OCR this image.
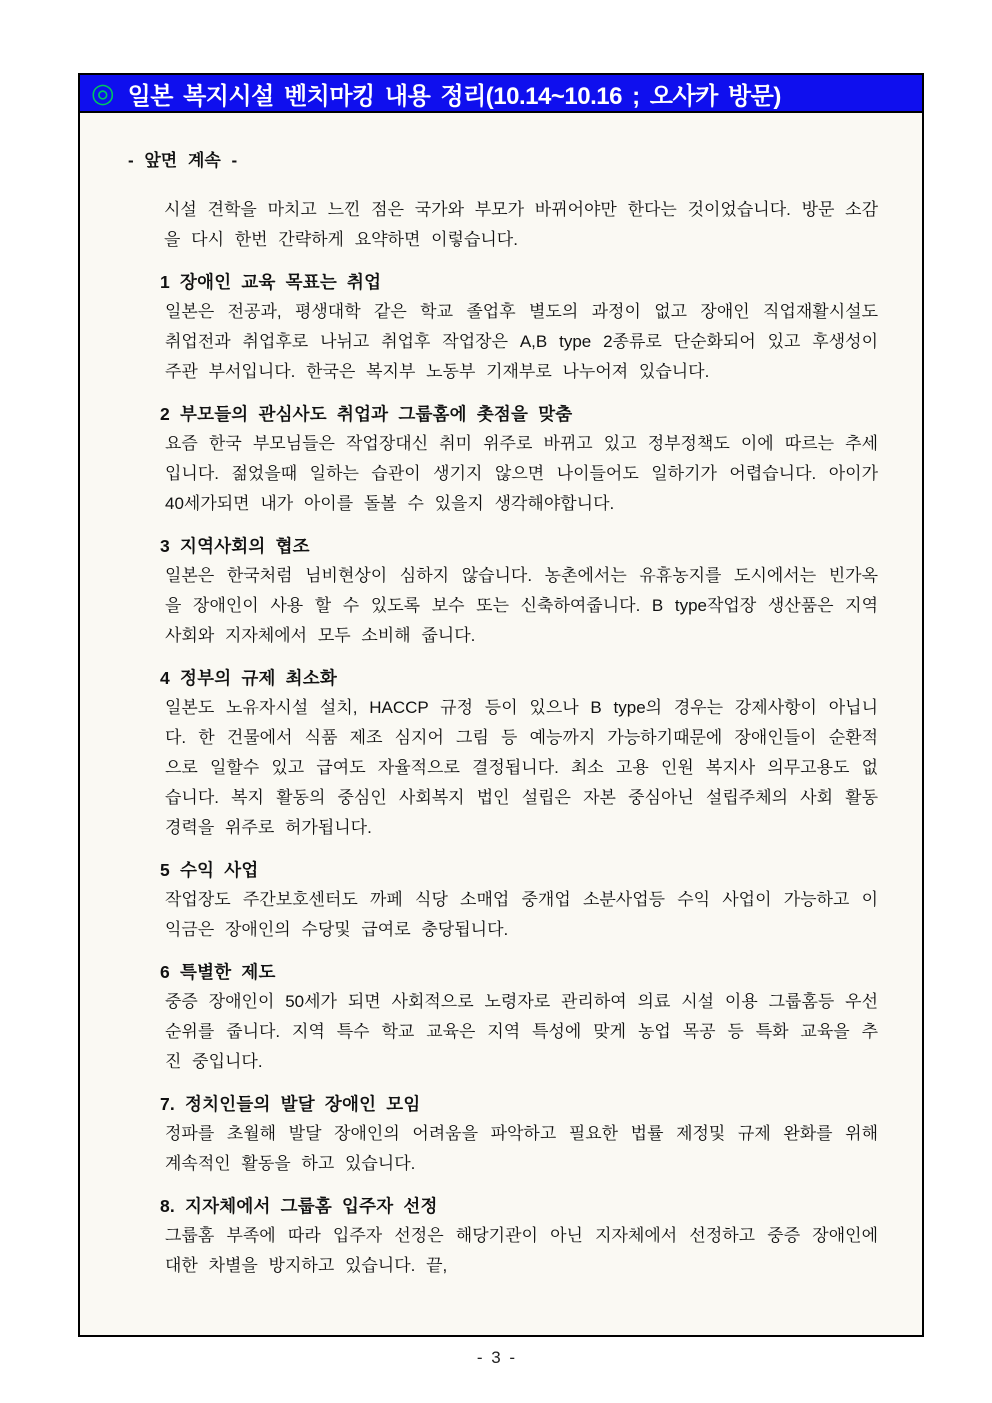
◎ 일본 복지시설 벤치마킹 내용 정리(10.14~10.16 ; 오사카 방문)
- 앞면 계속 -

시설 견학을 마치고 느낀 점은 국가와 부모가 바뀌어야만 한다는 것이었습니다. 방문 소감을 다시 한번 간략하게 요약하면 이렇습니다.

1 장애인 교육 목표는 취업

일본은 전공과, 평생대학 같은 학교 졸업후 별도의 과정이 없고 장애인 직업재활시설도 취업전과 취업후로 나뉘고 취업후 작업장은 A,B type 2종류로 단순화되어 있고 후생성이 주관 부서입니다. 한국은 복지부 노동부 기재부로 나누어져 있습니다.

2 부모들의 관심사도 취업과 그룹홈에 촛점을 맞춤

요즘 한국 부모님들은 작업장대신 취미 위주로 바뀌고 있고 정부정책도 이에 따르는 추세입니다. 젊었을때 일하는 습관이 생기지 않으면 나이들어도 일하기가 어렵습니다. 아이가 40세가되면 내가 아이를 돌볼 수 있을지 생각해야합니다.

3 지역사회의 협조

일본은 한국처럼 님비현상이 심하지 않습니다. 농촌에서는 유휴농지를 도시에서는 빈가옥을 장애인이 사용 할 수 있도록 보수 또는 신축하여줍니다. B type작업장 생산품은 지역사회와 지자체에서 모두 소비해 줍니다.

4 정부의 규제 최소화

일본도 노유자시설 설치, HACCP 규정 등이 있으나 B type의 경우는 강제사항이 아닙니다. 한 건물에서 식품 제조 심지어 그림 등 예능까지 가능하기때문에 장애인들이 순환적으로 일할수 있고 급여도 자율적으로 결정됩니다. 최소 고용 인원 복지사 의무고용도 없습니다. 복지 활동의 중심인 사회복지 법인 설립은 자본 중심아닌 설립주체의 사회 활동 경력을 위주로 허가됩니다.

5 수익 사업

작업장도 주간보호센터도 까페 식당 소매업 중개업 소분사업등 수익 사업이 가능하고 이익금은 장애인의 수당및 급여로 충당됩니다.

6 특별한 제도

중증 장애인이 50세가 되면 사회적으로 노령자로 관리하여 의료 시설 이용 그룹홈등 우선 순위를 줍니다. 지역 특수 학교 교육은 지역 특성에 맞게 농업 목공 등 특화 교육을 추진 중입니다.

7. 정치인들의 발달 장애인 모임

정파를 초월해 발달 장애인의 어려움을 파악하고 필요한 법률 제정및 규제 완화를 위해 계속적인 활동을 하고 있습니다.

8. 지자체에서 그룹홈 입주자 선정

그룹홈 부족에 따라 입주자 선정은 해당기관이 아닌 지자체에서 선정하고 중증 장애인에 대한 차별을 방지하고 있습니다. 끝,

- 3 -
